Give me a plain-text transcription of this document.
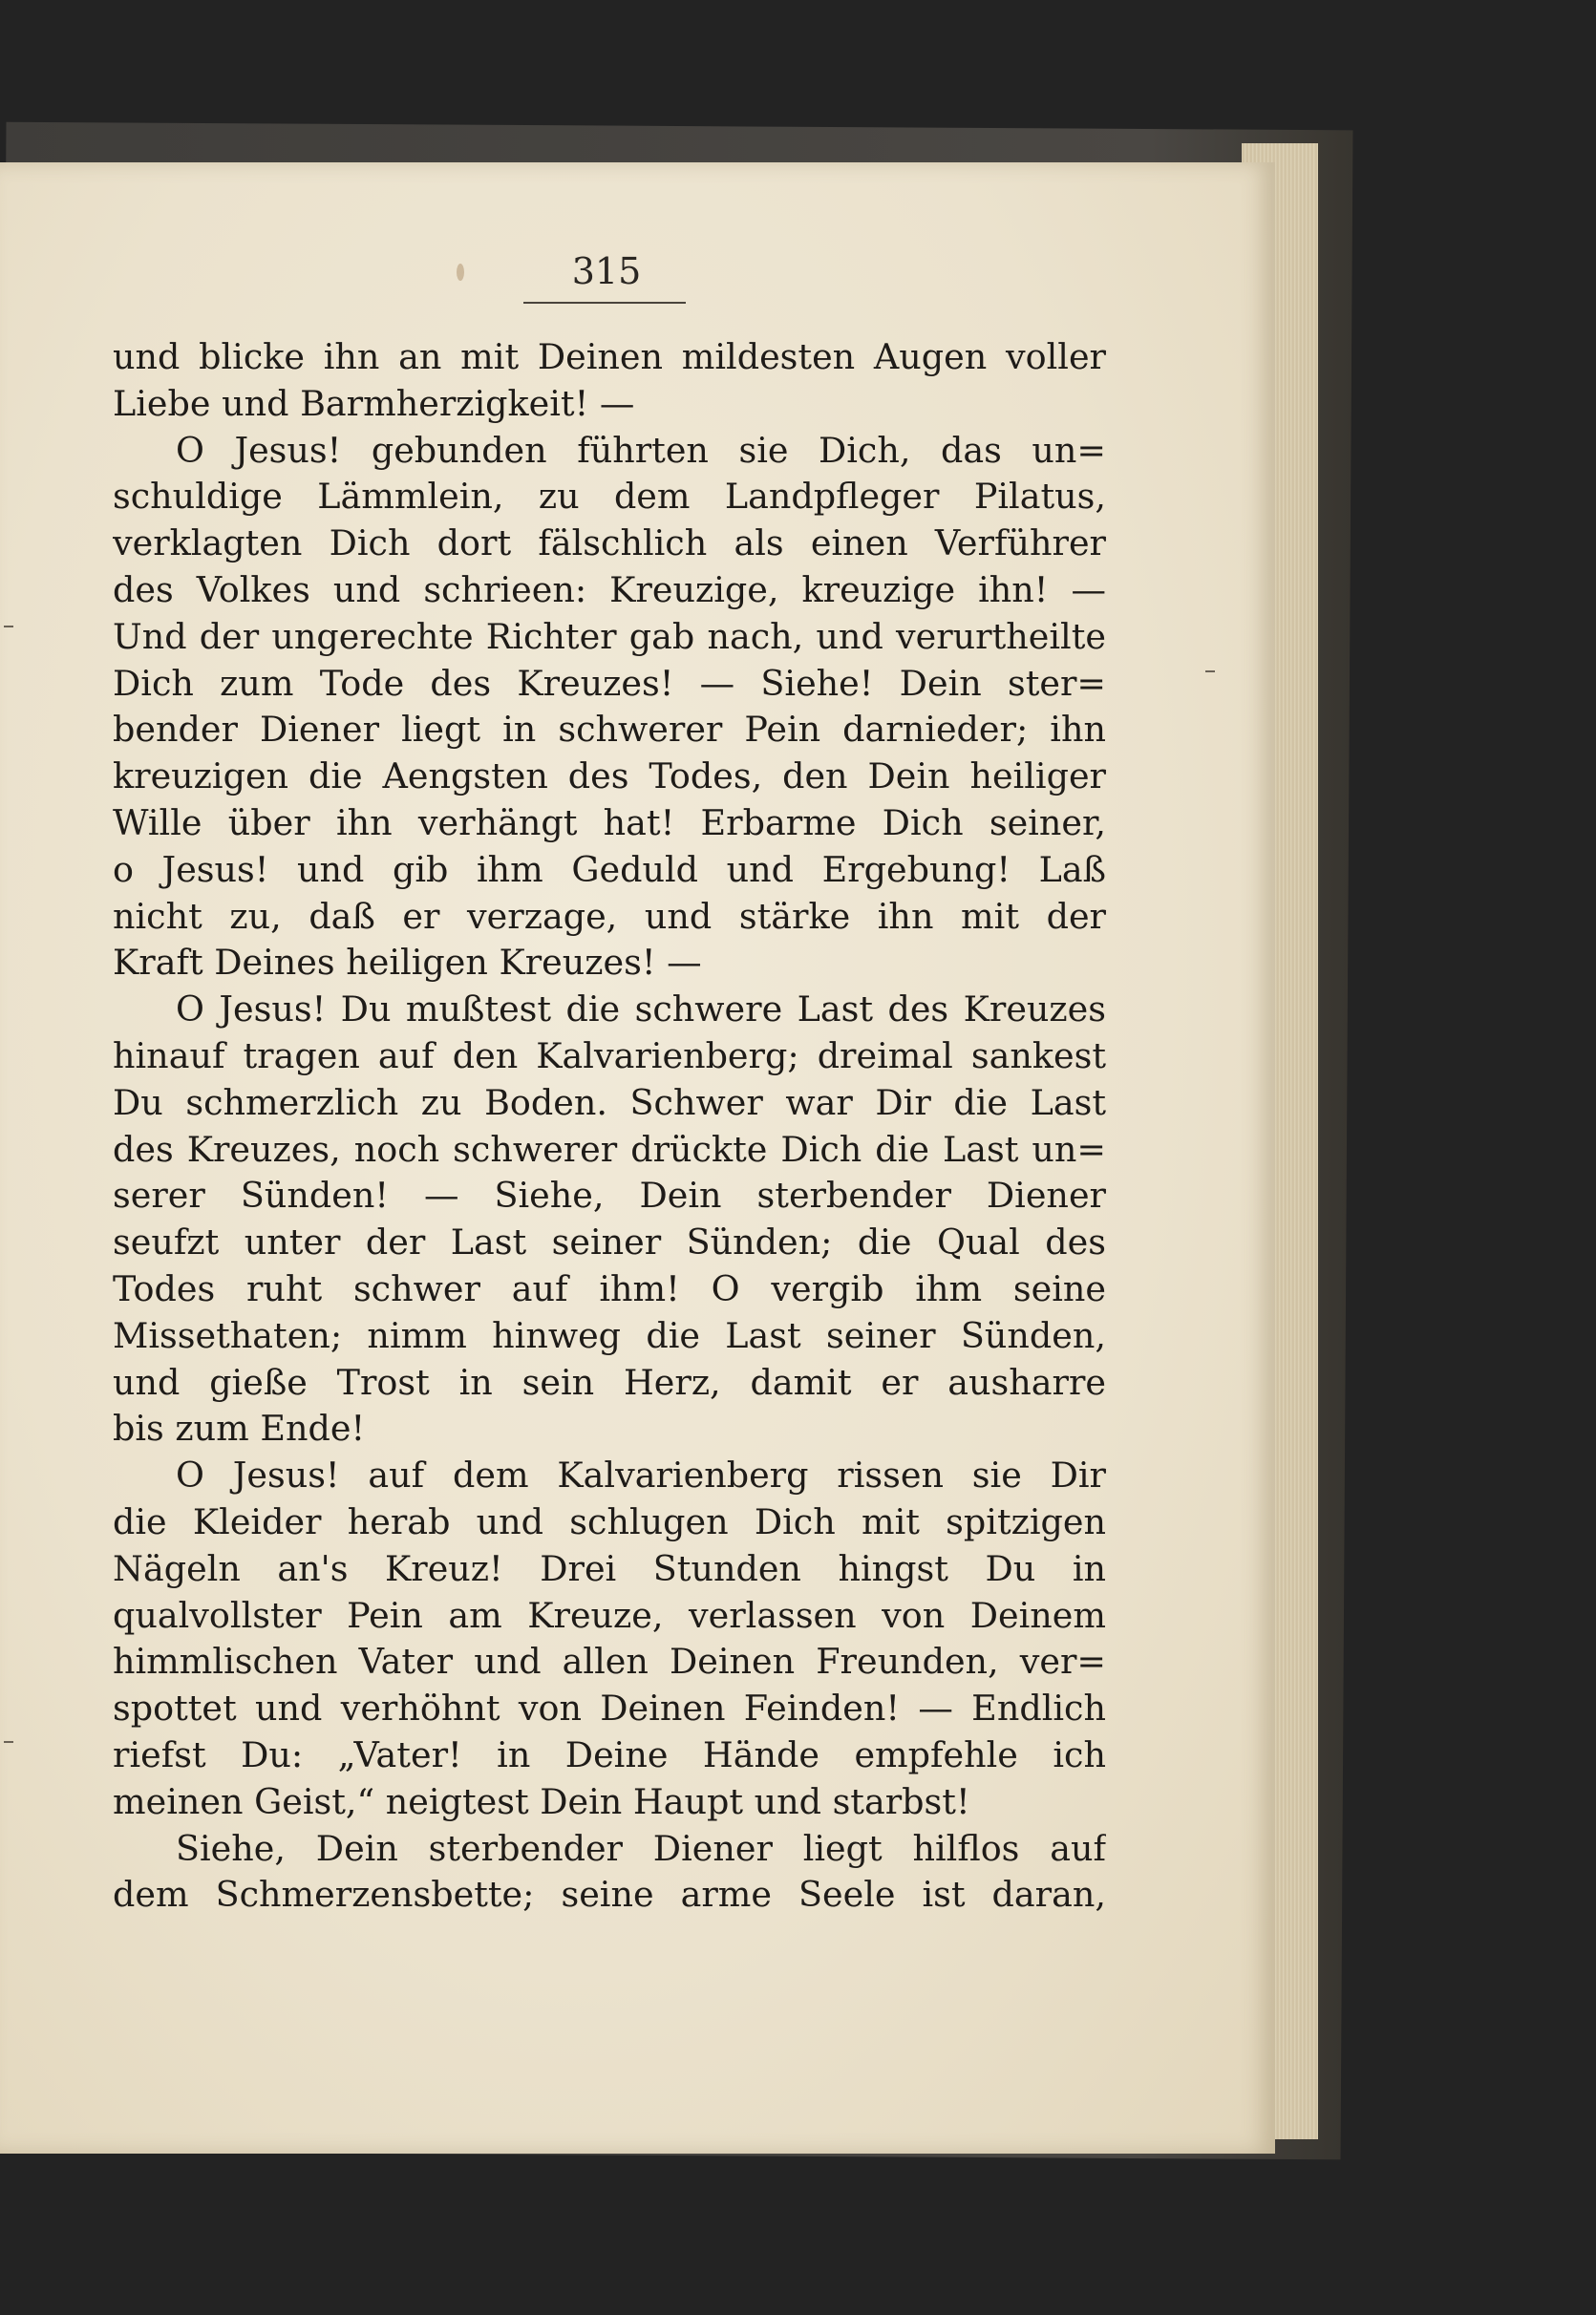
315
und blicke ihn an mit Deinen mildesten Augen voller
Liebe und Barmherzigkeit! —
O Jesus! gebunden führten sie Dich, das un=
schuldige Lämmlein, zu dem Landpfleger Pilatus,
verklagten Dich dort fälschlich als einen Verführer
des Volkes und schrieen: Kreuzige, kreuzige ihn! —
Und der ungerechte Richter gab nach, und verurtheilte
Dich zum Tode des Kreuzes! — Siehe! Dein ster=
bender Diener liegt in schwerer Pein darnieder; ihn
kreuzigen die Aengsten des Todes, den Dein heiliger
Wille über ihn verhängt hat! Erbarme Dich seiner,
o Jesus! und gib ihm Geduld und Ergebung! Laß
nicht zu, daß er verzage, und stärke ihn mit der
Kraft Deines heiligen Kreuzes! —
O Jesus! Du mußtest die schwere Last des Kreuzes
hinauf tragen auf den Kalvarienberg; dreimal sankest
Du schmerzlich zu Boden. Schwer war Dir die Last
des Kreuzes, noch schwerer drückte Dich die Last un=
serer Sünden! — Siehe, Dein sterbender Diener
seufzt unter der Last seiner Sünden; die Qual des
Todes ruht schwer auf ihm! O vergib ihm seine
Missethaten; nimm hinweg die Last seiner Sünden,
und gieße Trost in sein Herz, damit er ausharre
bis zum Ende!
O Jesus! auf dem Kalvarienberg rissen sie Dir
die Kleider herab und schlugen Dich mit spitzigen
Nägeln an's Kreuz! Drei Stunden hingst Du in
qualvollster Pein am Kreuze, verlassen von Deinem
himmlischen Vater und allen Deinen Freunden, ver=
spottet und verhöhnt von Deinen Feinden! — Endlich
riefst Du: „Vater! in Deine Hände empfehle ich
meinen Geist,“ neigtest Dein Haupt und starbst!
Siehe, Dein sterbender Diener liegt hilflos auf
dem Schmerzensbette; seine arme Seele ist daran,
